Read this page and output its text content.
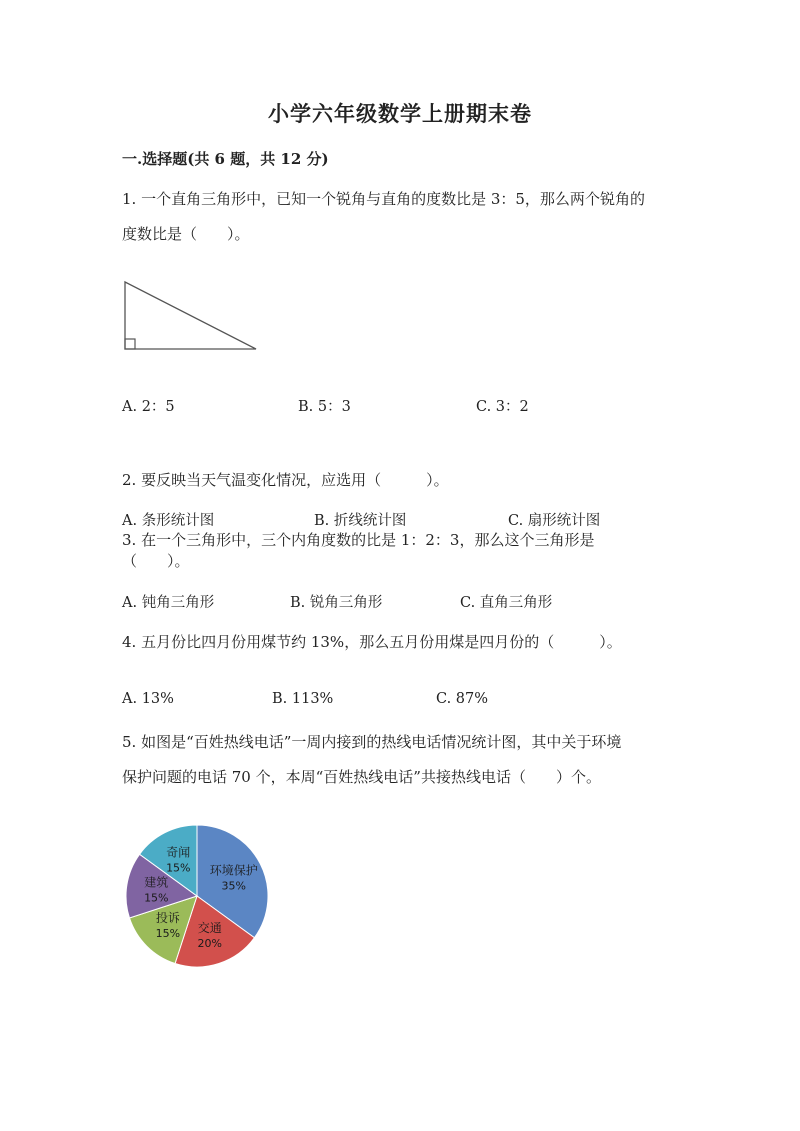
小学六年级数学上册期末卷
一.选择题(共 6 题，共 12 分)
1. 一个直角三角形中，已知一个锐角与直角的度数比是 3：5，那么两个锐角的
度数比是（　　）。
A. 2：5	B. 5：3	C. 3：2
2. 要反映当天气温变化情况，应选用（　　　）。
A. 条形统计图	B. 折线统计图	C. 扇形统计图
3. 在一个三角形中，三个内角度数的比是 1：2：3，那么这个三角形是
（　　）。
A. 钝角三角形	B. 锐角三角形	C. 直角三角形
4. 五月份比四月份用煤节约 13%，那么五月份用煤是四月份的（　　　）。
A. 13%	B. 113%	C. 87%
5. 如图是“百姓热线电话”一周内接到的热线电话情况统计图，其中关于环境
保护问题的电话 70 个，本周“百姓热线电话”共接热线电话（　　）个。
环境保护
35%
交通
20%
投诉
15%
建筑
15%
奇闻
15%
